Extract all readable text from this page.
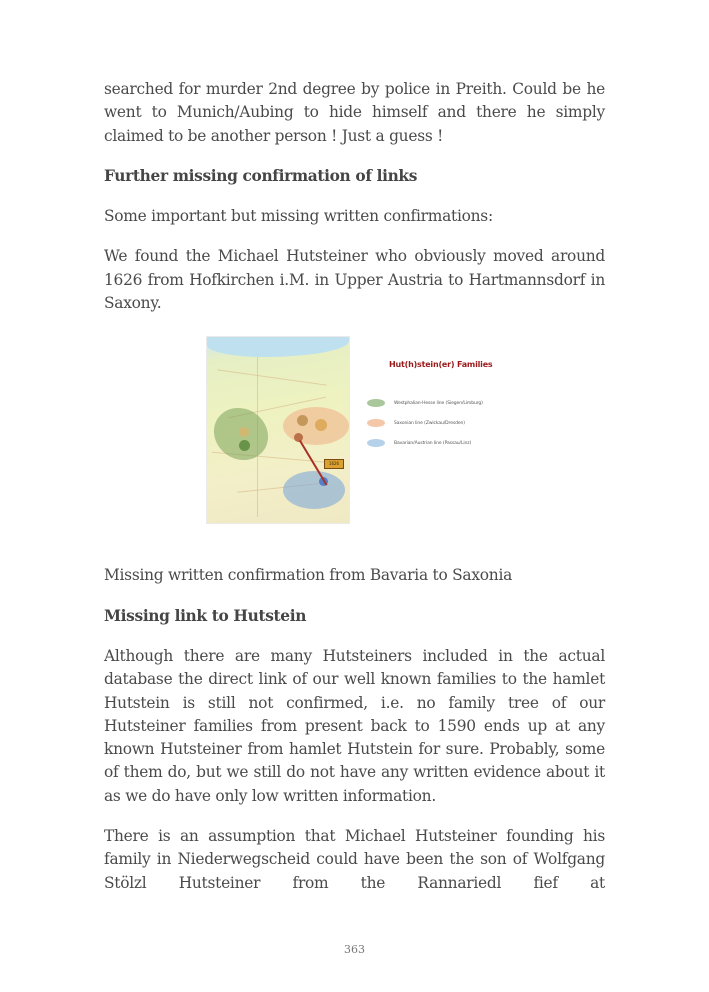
searched for murder 2nd degree by police in Preith. Could be he went to Munich/Aubing to hide himself and there he simply claimed to be another person ! Just a guess !

Further missing confirmation of links

Some important but missing written confirmations:

We found the Michael Hutsteiner who obviously moved around 1626 from Hofkirchen i.M. in Upper Austria to Hartmannsdorf in Saxony.

1626
Hut(h)stein(er) Families
Westphalian-Hesse line (Siegen/Limburg)
Saxonian line (Zwickau/Dresden)
Bavarian/Austrian line (Passau/Linz)

Missing written confirmation from Bavaria to Saxonia

Missing link to Hutstein

Although there are many Hutsteiners included in the actual database the direct link of our well known families to the hamlet Hutstein is still not confirmed, i.e. no family tree of our Hutsteiner families from present back to 1590 ends up at any known Hutsteiner from hamlet Hutstein for sure. Probably, some of them do, but we still do not have any written evidence about it as we do have only low written information.

There is an assumption that Michael Hutsteiner founding his family in Niederwegscheid could have been the son of Wolfgang Stölzl Hutsteiner from the Rannariedl fief at

363
